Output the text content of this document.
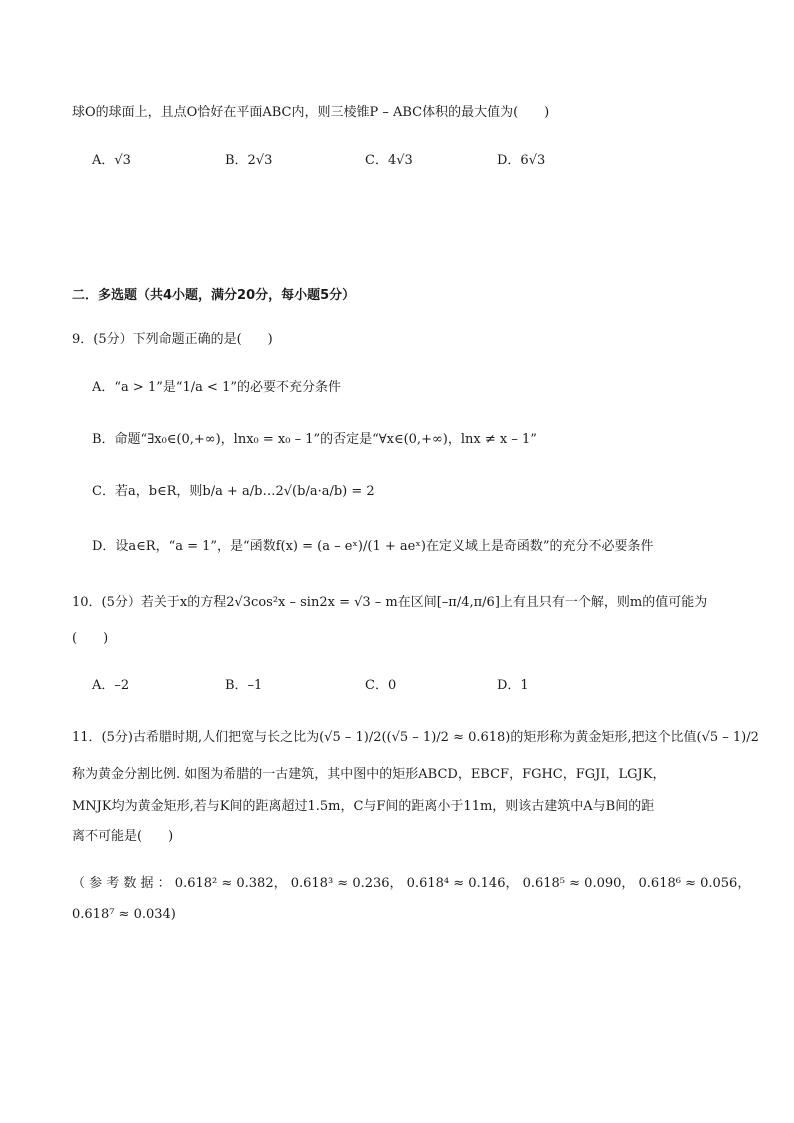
球O的球面上，且点O恰好在平面ABC内，则三棱锥P – ABC体积的最大值为(　　)
A．√3	B．2√3	C．4√3	D．6√3
二．多选题（共4小题，满分20分，每小题5分）
9．(5分）下列命题正确的是(　　)
A．“a > 1”是“1/a < 1”的必要不充分条件
B．命题“∃x₀∈(0,+∞)，lnx₀ = x₀ – 1”的否定是“∀x∈(0,+∞)，lnx ≠ x – 1”
C．若a，b∈R，则b/a + a/b…2√(b/a·a/b) = 2
D．设a∈R，“a = 1”，是“函数f(x) = (a – eˣ)/(1 + aeˣ)在定义域上是奇函数”的充分不必要条件
10．(5分）若关于x的方程2√3cos²x – sin2x = √3 – m在区间[–π/4,π/6]上有且只有一个解，则m的值可能为
(　　)
A．–2	B．–1	C．0	D．1
11．(5分)古希腊时期,人们把宽与长之比为(√5 – 1)/2((√5 – 1)/2 ≈ 0.618)的矩形称为黄金矩形,把这个比值(√5 – 1)/2
称为黄金分割比例. 如图为希腊的一古建筑，其中图中的矩形ABCD，EBCF，FGHC，FGJI，LGJK，
MNJK均为黄金矩形,若与K间的距离超过1.5m，C与F间的距离小于11m，则该古建筑中A与B间的距
离不可能是(　　)
（ 参 考 数 据 ： 0.618² ≈ 0.382， 0.618³ ≈ 0.236， 0.618⁴ ≈ 0.146， 0.618⁵ ≈ 0.090， 0.618⁶ ≈ 0.056，
0.618⁷ ≈ 0.034)
